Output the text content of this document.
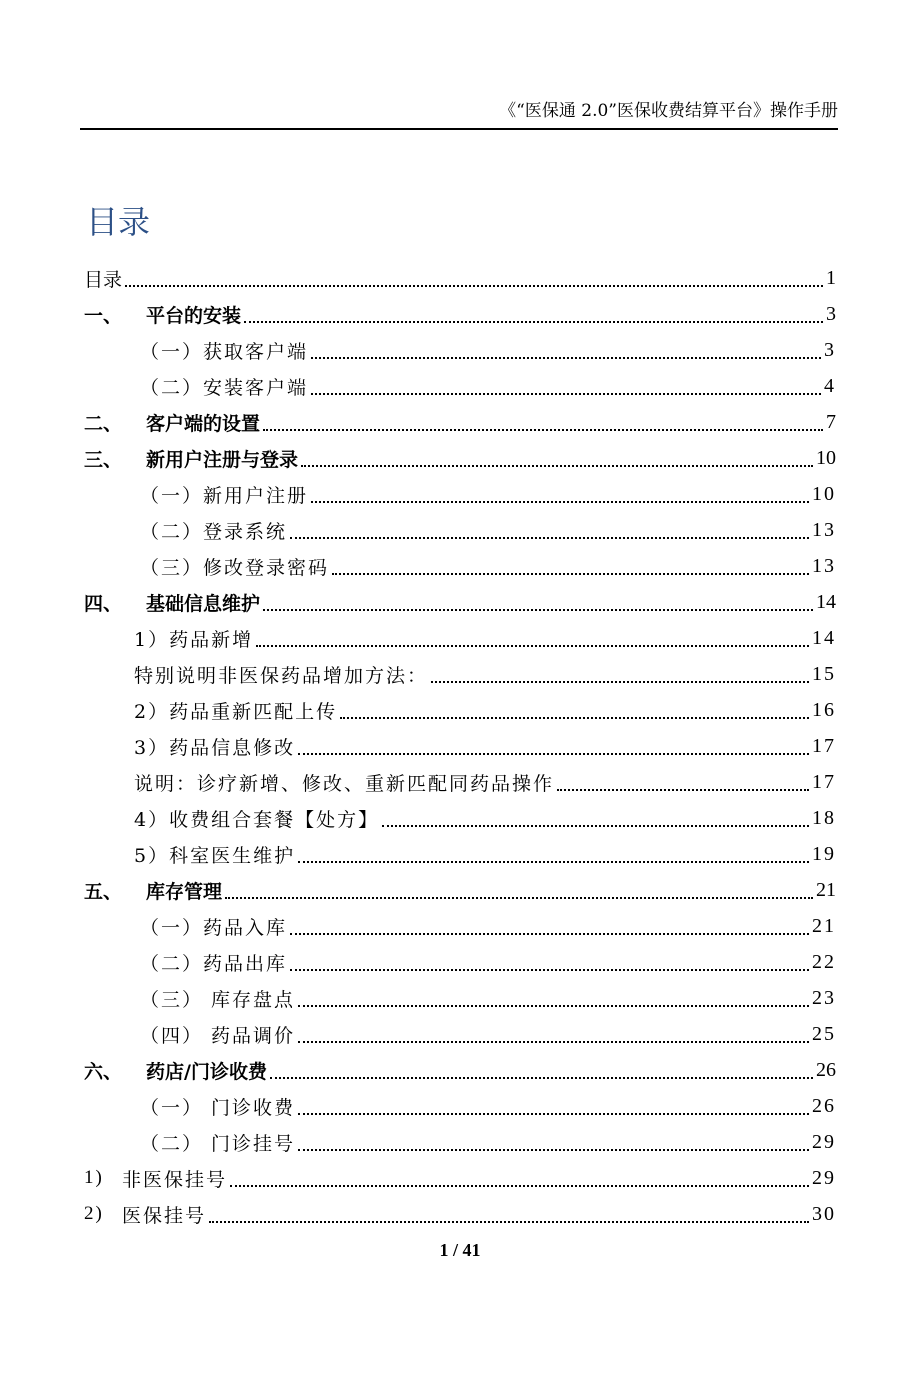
《“医保通 2.0”医保收费结算平台》操作手册
目录
目录	1
一、	平台的安装	3
（一）获取客户端	3
（二）安装客户端	4
二、	客户端的设置	7
三、	新用户注册与登录	10
（一）新用户注册	10
（二）登录系统	13
（三）修改登录密码	13
四、	基础信息维护	14
1）药品新增	14
特别说明非医保药品增加方法：	15
2）药品重新匹配上传	16
3）药品信息修改	17
说明：诊疗新增、修改、重新匹配同药品操作	17
4）收费组合套餐【处方】	18
5）科室医生维护	19
五、	库存管理	21
（一）药品入库	21
（二）药品出库	22
（三） 库存盘点	23
（四） 药品调价	25
六、	药店/门诊收费	26
（一） 门诊收费	26
（二） 门诊挂号	29
1) 非医保挂号	29
2) 医保挂号	30
1 / 41
